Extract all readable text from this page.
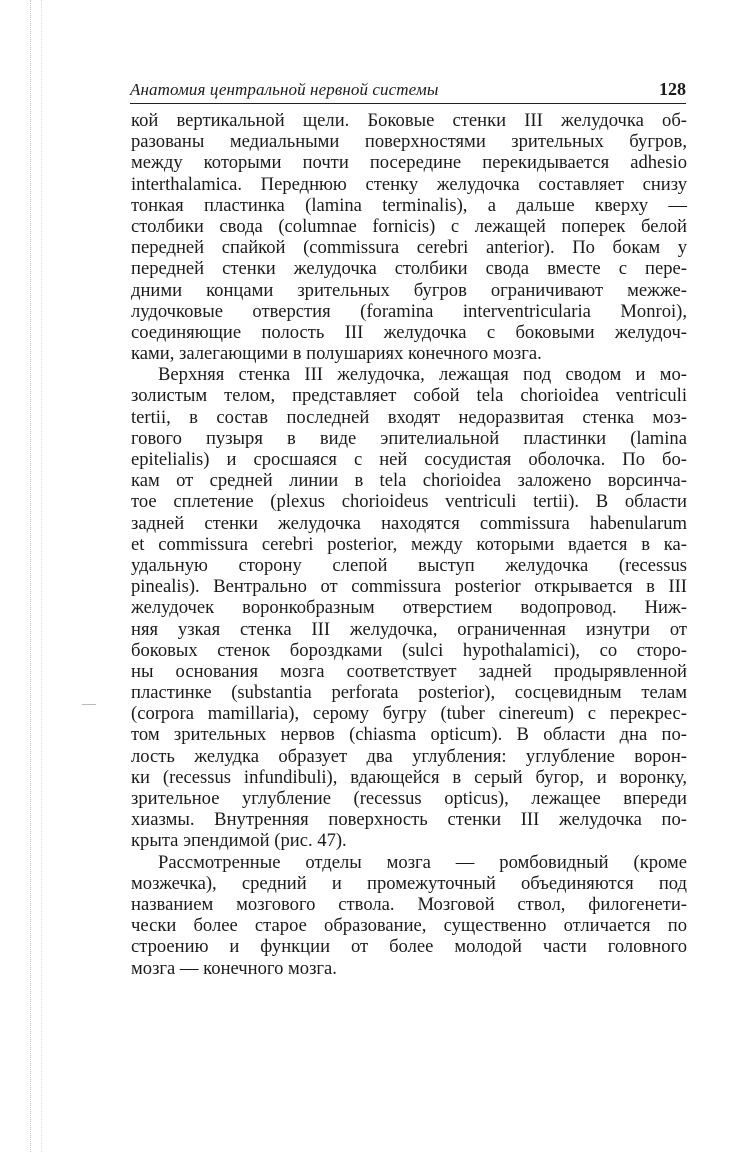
Анатомия центральной нервной системы	128
кой вертикальной щели. Боковые стенки III желудочка об-
разованы медиальными поверхностями зрительных бугров,
между которыми почти посередине перекидывается adhesio
interthalamica. Переднюю стенку желудочка составляет снизу
тонкая пластинка (lamina terminalis), а дальше кверху —
столбики свода (columnae fornicis) с лежащей поперек белой
передней спайкой (commissura cerebri anterior). По бокам у
передней стенки желудочка столбики свода вместе с пере-
дними концами зрительных бугров ограничивают межже-
лудочковые отверстия (foramina interventricularia Monroi),
соединяющие полость III желудочка с боковыми желудоч-
ками, залегающими в полушариях конечного мозга.
Верхняя стенка III желудочка, лежащая под сводом и мо-
золистым телом, представляет собой tela chorioidea ventriculi
tertii, в состав последней входят недоразвитая стенка моз-
гового пузыря в виде эпителиальной пластинки (lamina
epitelialis) и сросшаяся с ней сосудистая оболочка. По бо-
кам от средней линии в tela chorioidea заложено ворсинча-
тое сплетение (plexus chorioideus ventriculi tertii). В области
задней стенки желудочка находятся commissura habenularum
et commissura cerebri posterior, между которыми вдается в ка-
удальную сторону слепой выступ желудочка (recessus
pinealis). Вентрально от commissura posterior открывается в III
желудочек воронкобразным отверстием водопровод. Ниж-
няя узкая стенка III желудочка, ограниченная изнутри от
боковых стенок бороздками (sulci hypothalamici), со сторо-
ны основания мозга соответствует задней продырявленной
пластинке (substantia perforata posterior), сосцевидным телам
(corpora mamillaria), серому бугру (tuber cinereum) с перекрес-
том зрительных нервов (chiasma opticum). В области дна по-
лость желудка образует два углубления: углубление ворон-
ки (recessus infundibuli), вдающейся в серый бугор, и воронку,
зрительное углубление (recessus opticus), лежащее впереди
хиазмы. Внутренняя поверхность стенки III желудочка по-
крыта эпендимой (рис. 47).
Рассмотренные отделы мозга — ромбовидный (кроме
мозжечка), средний и промежуточный объединяются под
названием мозгового ствола. Мозговой ствол, филогенети-
чески более старое образование, существенно отличается по
строению и функции от более молодой части головного
мозга — конечного мозга.
